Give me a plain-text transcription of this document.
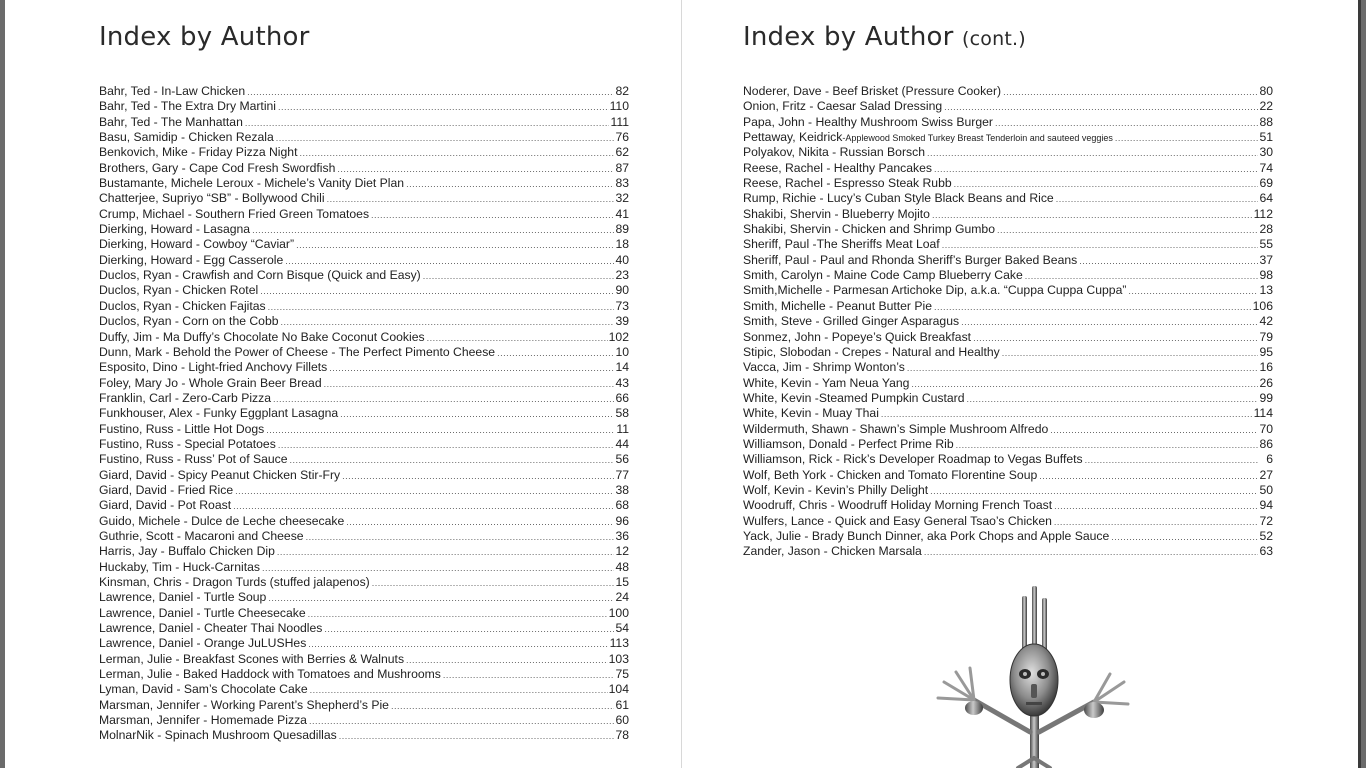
Index by Author
Bahr, Ted - In-Law Chicken .....	82
Bahr, Ted - The Extra Dry Martini .....	110
Bahr, Ted - The Manhattan .....	111
Basu, Samidip - Chicken Rezala .....	76
Benkovich, Mike - Friday Pizza Night .....	62
Brothers, Gary - Cape Cod Fresh Swordfish .....	87
Bustamante, Michele Leroux - Michele’s Vanity Diet Plan .....	83
Chatterjee, Supriyo “SB” - Bollywood Chili .....	32
Crump, Michael - Southern Fried Green Tomatoes .....	41
Dierking, Howard - Lasagna .....	89
Dierking, Howard - Cowboy “Caviar” .....	18
Dierking, Howard - Egg Casserole .....	40
Duclos, Ryan - Crawfish and Corn Bisque (Quick and Easy) .....	23
Duclos, Ryan - Chicken Rotel .....	90
Duclos, Ryan - Chicken Fajitas .....	73
Duclos, Ryan - Corn on the Cobb .....	39
Duffy, Jim - Ma Duffy’s Chocolate No Bake Coconut Cookies .....	102
Dunn, Mark - Behold the Power of Cheese - The Perfect Pimento Cheese .....	10
Esposito, Dino - Light-fried Anchovy Fillets .....	14
Foley, Mary Jo - Whole Grain Beer Bread .....	43
Franklin, Carl - Zero-Carb Pizza .....	66
Funkhouser, Alex - Funky Eggplant Lasagna .....	58
Fustino, Russ - Little Hot Dogs .....	11
Fustino, Russ - Special Potatoes .....	44
Fustino, Russ - Russ’ Pot of Sauce .....	56
Giard, David - Spicy Peanut Chicken Stir-Fry .....	77
Giard, David - Fried Rice .....	38
Giard, David - Pot Roast .....	68
Guido, Michele - Dulce de Leche cheesecake .....	96
Guthrie, Scott - Macaroni and Cheese .....	36
Harris, Jay - Buffalo Chicken Dip .....	12
Huckaby, Tim - Huck-Carnitas .....	48
Kinsman, Chris - Dragon Turds (stuffed jalapenos) .....	15
Lawrence, Daniel - Turtle Soup .....	24
Lawrence, Daniel - Turtle Cheesecake .....	100
Lawrence, Daniel - Cheater Thai Noodles .....	54
Lawrence, Daniel - Orange JuLUSHes .....	113
Lerman, Julie - Breakfast Scones with Berries & Walnuts .....	103
Lerman, Julie - Baked Haddock with Tomatoes and Mushrooms .....	75
Lyman, David - Sam’s Chocolate Cake .....	104
Marsman, Jennifer - Working Parent’s Shepherd’s Pie .....	61
Marsman, Jennifer - Homemade Pizza .....	60
MolnarNik - Spinach Mushroom Quesadillas .....	78
Index by Author (cont.)
Noderer, Dave - Beef Brisket (Pressure Cooker) .....	80
Onion, Fritz - Caesar Salad Dressing .....	22
Papa, John - Healthy Mushroom Swiss Burger .....	88
Pettaway, Keidrick-Applewood Smoked Turkey Breast Tenderloin and sauteed veggies .....	51
Polyakov, Nikita - Russian Borsch .....	30
Reese, Rachel - Healthy Pancakes .....	74
Reese, Rachel - Espresso Steak Rubb .....	69
Rump, Richie - Lucy’s Cuban Style Black Beans and Rice .....	64
Shakibi, Shervin - Blueberry Mojito .....	112
Shakibi, Shervin - Chicken and Shrimp Gumbo .....	28
Sheriff, Paul -The Sheriffs Meat Loaf .....	55
Sheriff, Paul - Paul and Rhonda Sheriff’s Burger Baked Beans .....	37
Smith, Carolyn - Maine Code Camp Blueberry Cake .....	98
Smith,Michelle - Parmesan Artichoke Dip, a.k.a. “Cuppa Cuppa Cuppa” .....	13
Smith, Michelle - Peanut Butter Pie .....	106
Smith, Steve - Grilled Ginger Asparagus .....	42
Sonmez, John - Popeye’s Quick Breakfast .....	79
Stipic, Slobodan - Crepes - Natural and Healthy .....	95
Vacca, Jim - Shrimp Wonton’s .....	16
White, Kevin - Yam Neua Yang .....	26
White, Kevin -Steamed Pumpkin Custard .....	99
White, Kevin - Muay Thai .....	114
Wildermuth, Shawn - Shawn’s Simple Mushroom Alfredo .....	70
Williamson, Donald - Perfect Prime Rib .....	86
Williamson, Rick - Rick’s Developer Roadmap to Vegas Buffets .....	6
Wolf, Beth York - Chicken and Tomato Florentine Soup .....	27
Wolf, Kevin - Kevin’s Philly Delight .....	50
Woodruff, Chris - Woodruff Holiday Morning French Toast .....	94
Wulfers, Lance - Quick and Easy General Tsao’s Chicken .....	72
Yack, Julie - Brady Bunch Dinner, aka Pork Chops and Apple Sauce .....	52
Zander, Jason - Chicken Marsala .....	63
